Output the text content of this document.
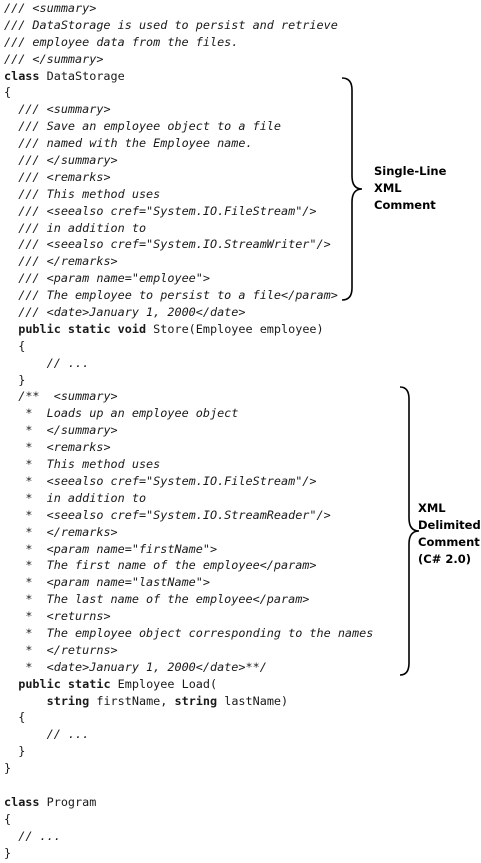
/// <summary>
/// DataStorage is used to persist and retrieve
/// employee data from the files.
/// </summary>
class DataStorage
{
/// <summary>
/// Save an employee object to a file
/// named with the Employee name.
/// </summary>
/// <remarks>
/// This method uses
/// <seealso cref="System.IO.FileStream"/>
/// in addition to
/// <seealso cref="System.IO.StreamWriter"/>
/// </remarks>
/// <param name="employee">
/// The employee to persist to a file</param>
/// <date>January 1, 2000</date>
public static void Store(Employee employee)
{
// ...
}
/**  <summary>
*  Loads up an employee object
*  </summary>
*  <remarks>
*  This method uses
*  <seealso cref="System.IO.FileStream"/>
*  in addition to
*  <seealso cref="System.IO.StreamReader"/>
*  </remarks>
*  <param name="firstName">
*  The first name of the employee</param>
*  <param name="lastName">
*  The last name of the employee</param>
*  <returns>
*  The employee object corresponding to the names
*  </returns>
*  <date>January 1, 2000</date>**/
public static Employee Load(
string firstName, string lastName)
{
// ...
}
}
class Program
{
// ...
}
Single-Line
XML
Comment
XML
Delimited
Comment
(C# 2.0)
